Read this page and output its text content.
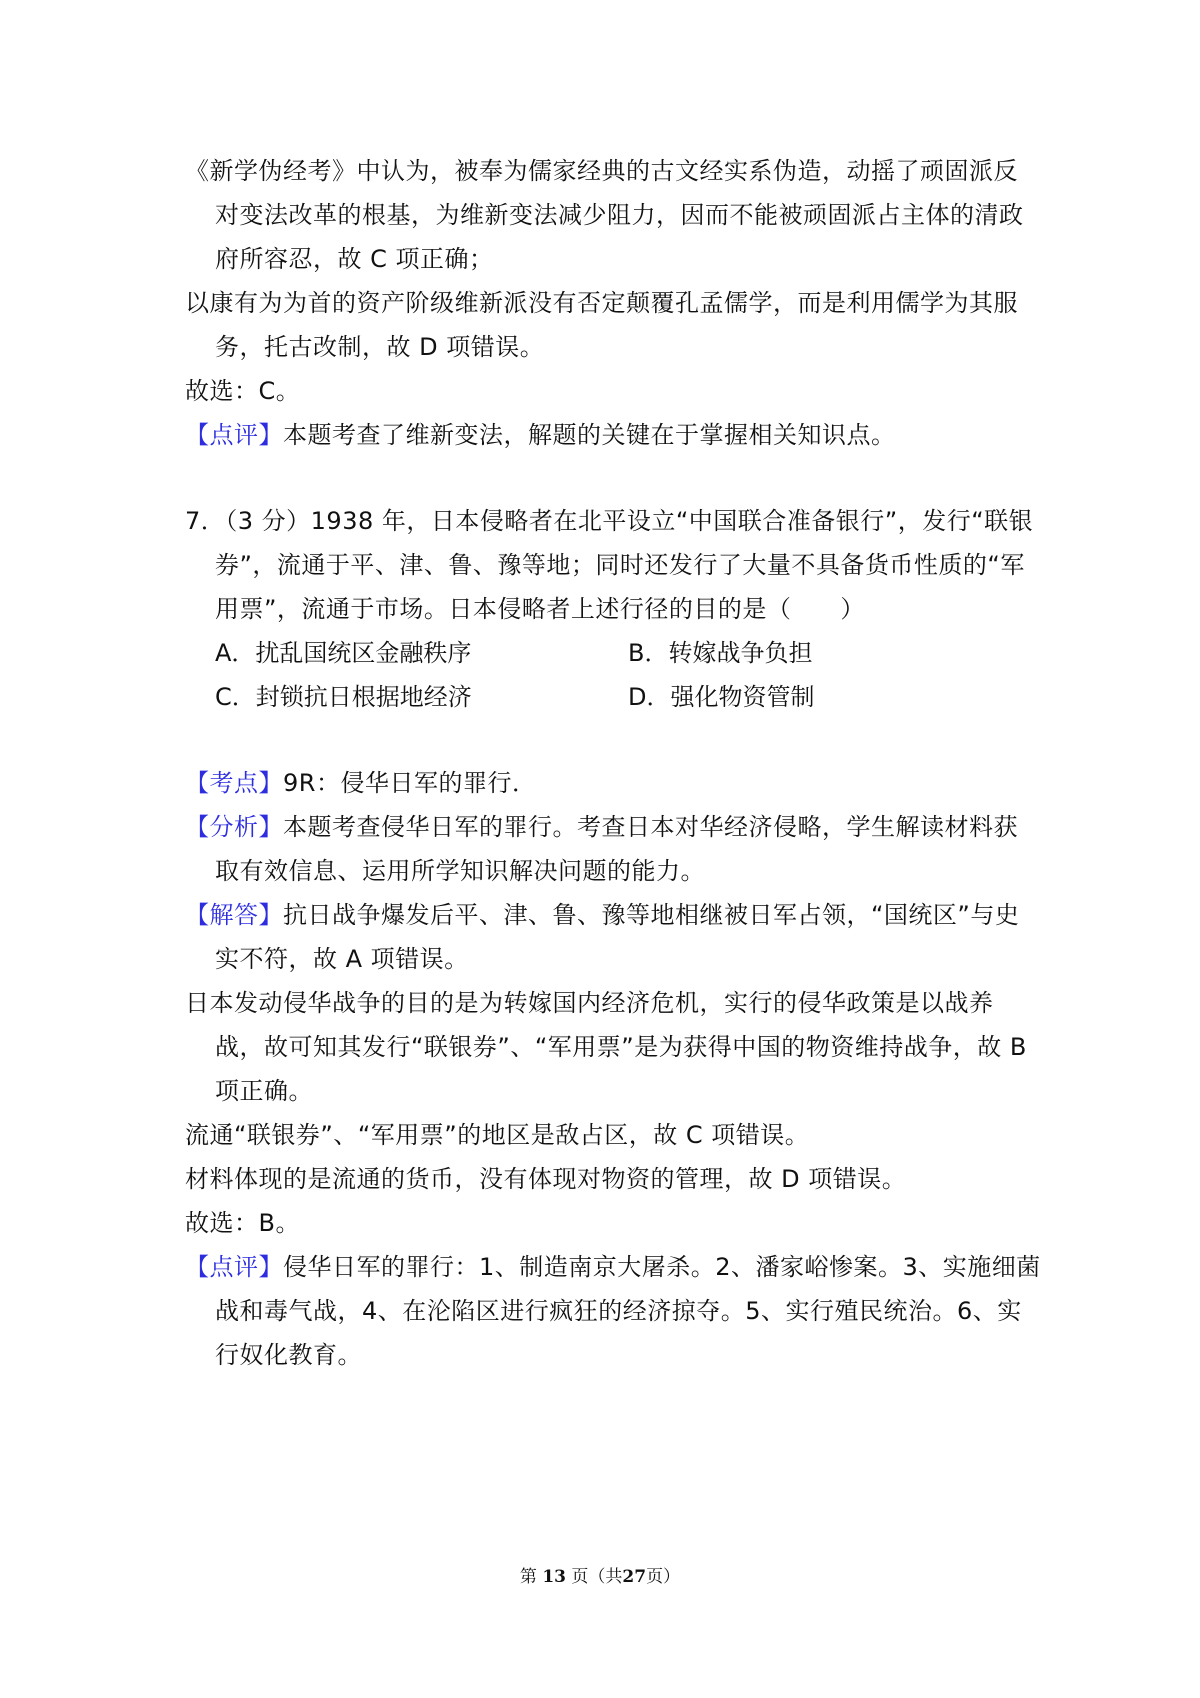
《新学伪经考》中认为，被奉为儒家经典的古文经实系伪造，动摇了顽固派反
对变法改革的根基，为维新变法减少阻力，因而不能被顽固派占主体的清政
府所容忍，故 C 项正确；
以康有为为首的资产阶级维新派没有否定颠覆孔孟儒学，而是利用儒学为其服
务，托古改制，故 D 项错误。
故选：C。
【点评】本题考查了维新变法，解题的关键在于掌握相关知识点。
7．（3 分）1938 年，日本侵略者在北平设立“中国联合准备银行”，发行“联银
券”，流通于平、津、鲁、豫等地；同时还发行了大量不具备货币性质的“军
用票”，流通于市场。日本侵略者上述行径的目的是（　　）
A．扰乱国统区金融秩序	B．转嫁战争负担
C．封锁抗日根据地经济	D．强化物资管制
【考点】9R：侵华日军的罪行．
【分析】本题考查侵华日军的罪行。考查日本对华经济侵略，学生解读材料获
取有效信息、运用所学知识解决问题的能力。
【解答】抗日战争爆发后平、津、鲁、豫等地相继被日军占领，“国统区”与史
实不符，故 A 项错误。
日本发动侵华战争的目的是为转嫁国内经济危机，实行的侵华政策是以战养
战，故可知其发行“联银券”、“军用票”是为获得中国的物资维持战争，故 B
项正确。
流通“联银券”、“军用票”的地区是敌占区，故 C 项错误。
材料体现的是流通的货币，没有体现对物资的管理，故 D 项错误。
故选：B。
【点评】侵华日军的罪行：1、制造南京大屠杀。2、潘家峪惨案。3、实施细菌
战和毒气战，4、在沦陷区进行疯狂的经济掠夺。5、实行殖民统治。6、实
行奴化教育。
第 13 页（共27页）
